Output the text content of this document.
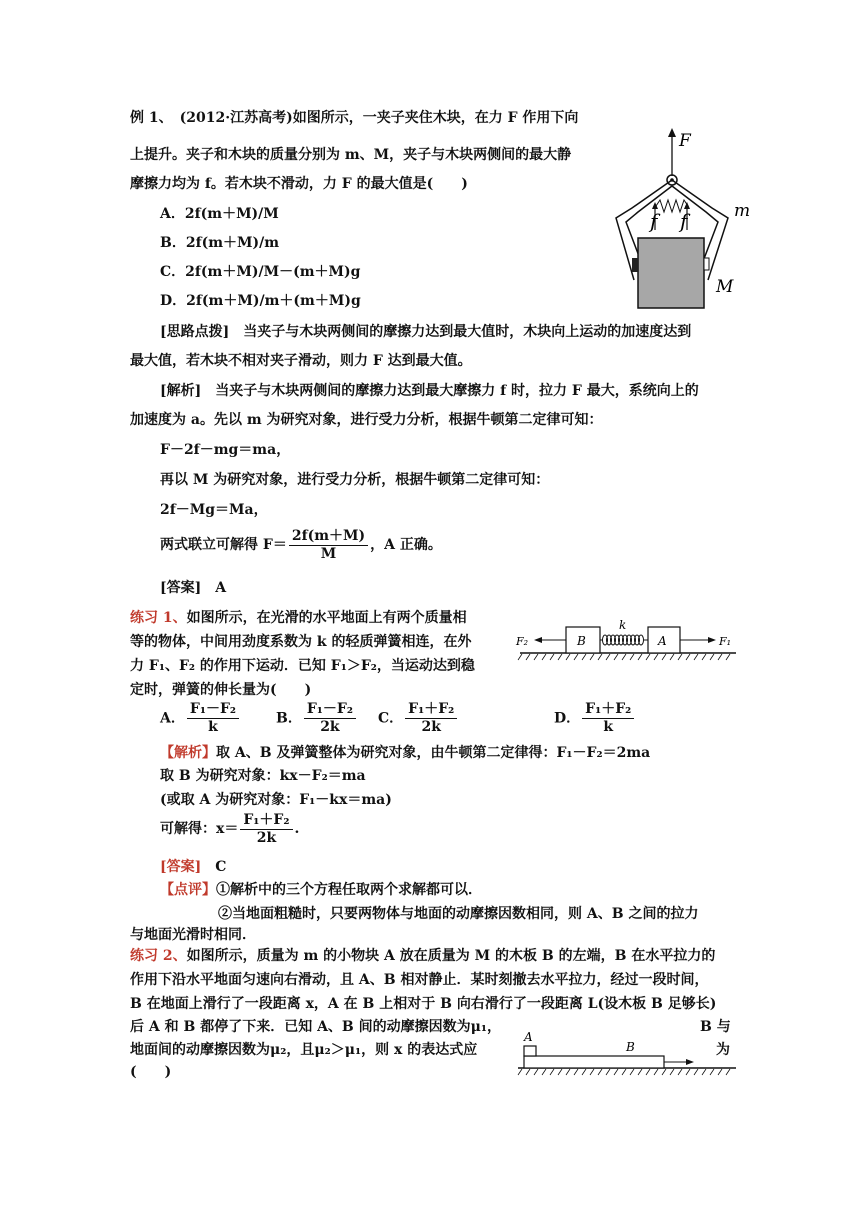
例 1、　(2012·江苏高考)如图所示，一夹子夹住木块，在力 F 作用下向
上提升。夹子和木块的质量分别为 m、M，夹子与木块两侧间的最大静
摩擦力均为 f。若木块不滑动，力 F 的最大值是(　　)
A．2f(m＋M)/M
B．2f(m＋M)/m
C．2f(m＋M)/M－(m＋M)g
D．2f(m＋M)/m＋(m＋M)g
F
f f	m
M
[思路点拨]　当夹子与木块两侧间的摩擦力达到最大值时，木块向上运动的加速度达到
最大值，若木块不相对夹子滑动，则力 F 达到最大值。
[解析]　当夹子与木块两侧间的摩擦力达到最大摩擦力 f 时，拉力 F 最大，系统向上的
加速度为 a。先以 m 为研究对象，进行受力分析，根据牛顿第二定律可知：
F－2f－mg＝ma，
再以 M 为研究对象，进行受力分析，根据牛顿第二定律可知：
2f－Mg＝Ma，
两式联立可解得 $F= \frac{2f(m+M)}{M}$ ，A 正确。
[答案]　A
练习 1、如图所示，在光滑的水平地面上有两个质量相
等的物体，中间用劲度系数为 k 的轻质弹簧相连，在外
力 F₁、F₂ 的作用下运动．已知 F₁＞F₂，当运动达到稳
定时，弹簧的伸长量为(　　)
B	A
k
F₂	F₁
A． $\frac{\text{F₁－F₂}}{k}$	B． $\frac{\text{F₁－F₂}}{2k}$ C． $\frac{\text{F₁＋F₂}}{2k}$	D． $\frac{\text{F₁＋F₂}}{k}$
【解析】取 A、B 及弹簧整体为研究对象，由牛顿第二定律得：F₁－F₂＝2ma
取 B 为研究对象：kx－F₂＝ma
(或取 A 为研究对象：F₁－kx＝ma)
可解得：$x= \frac{\text{F₁＋F₂}}{2k}$ .
[答案]　 C
【点评】①解析中的三个方程任取两个求解都可以．
②当地面粗糙时，只要两物体与地面的动摩擦因数相同，则 A、B 之间的拉力
与地面光滑时相同．
练习 2、如图所示，质量为 m 的小物块 A 放在质量为 M 的木板 B 的左端，B 在水平拉力的
作用下沿水平地面匀速向右滑动，且 A、B 相对静止．某时刻撤去水平拉力，经过一段时间，
B 在地面上滑行了一段距离 x，A 在 B 上相对于 B 向右滑行了一段距离 L(设木板 B 足够长)
后 A 和 B 都停了下来．已知 A、B 间的动摩擦因数为μ₁，	B 与
地面间的动摩擦因数为μ₂，且μ₂＞μ₁，则 x 的表达式应	为
(　　)
A
B
